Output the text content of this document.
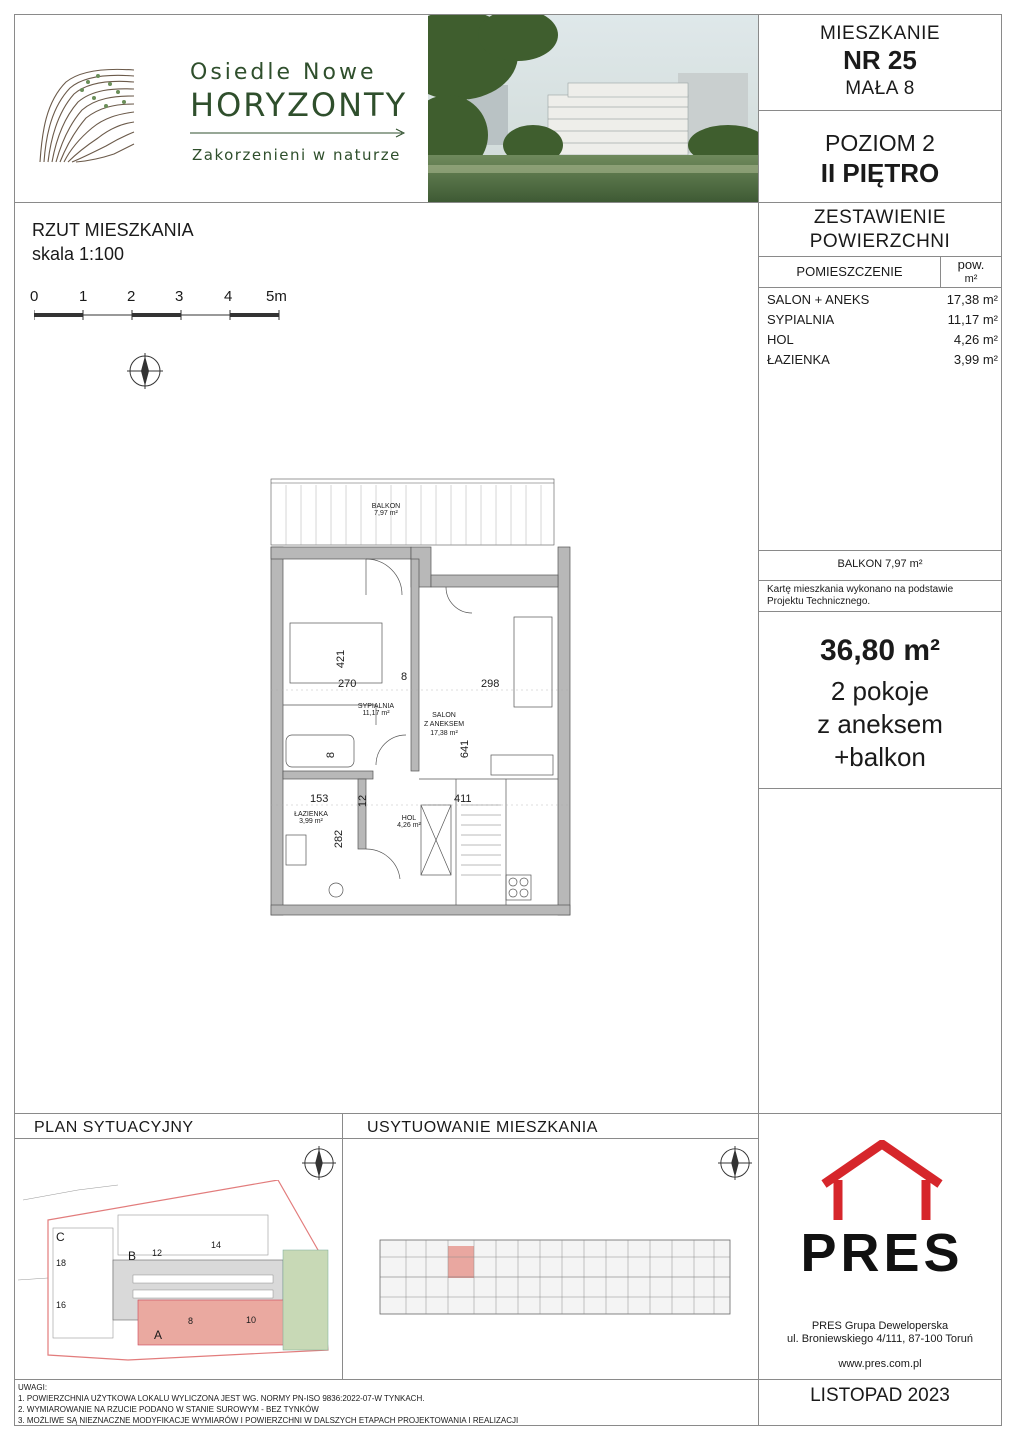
Osiedle Nowe
HORYZONTY
Zakorzenieni w naturze
MIESZKANIE
NR 25
MAŁA 8
POZIOM 2
II PIĘTRO
ZESTAWIENIE
POWIERZCHNI
POMIESZCZENIE	pow.
m²
SALON + ANEKS	17,38 m²
SYPIALNIA	11,17 m²
HOL	4,26 m²
ŁAZIENKA	3,99 m²
BALKON 7,97 m²
Kartę mieszkania wykonano na podstawie Projektu Technicznego.
36,80 m²
2 pokoje
z aneksem
+balkon
RZUT MIESZKANIA
skala 1:100
0	1	2	3	4 5m
BALKON
7,97 m²
SYPIALNIA
11,17 m²	SALON
Z ANEKSEM
17,38 m²
ŁAZIENKA
3,99 m²	HOL
4,26 m²
421
270
8
298
641
8
153	12	411
282
PLAN SYTUACYJNY
C
B
A
18
16
12
14
8	10
USYTUOWANIE MIESZKANIA
PRES
PRES Grupa Deweloperska
ul. Broniewskiego 4/111, 87-100 Toruń
www.pres.com.pl
LISTOPAD 2023
UWAGI:
1. POWIERZCHNIA UŻYTKOWA LOKALU WYLICZONA JEST WG. NORMY PN-ISO 9836:2022-07-W TYNKACH.
2. WYMIAROWANIE NA RZUCIE PODANO W STANIE SUROWYM - BEZ TYNKÓW
3. MOŻLIWE SĄ NIEZNACZNE MODYFIKACJE WYMIARÓW I POWIERZCHNI W DALSZYCH ETAPACH PROJEKTOWANIA I REALIZACJI
